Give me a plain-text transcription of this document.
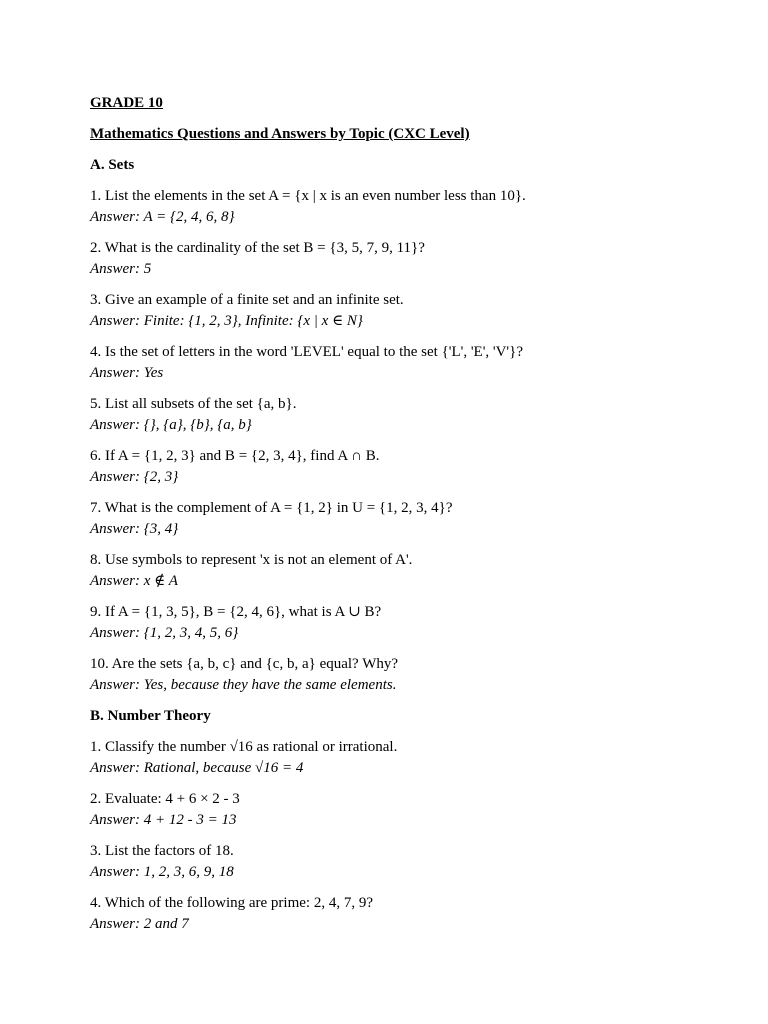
GRADE 10
Mathematics Questions and Answers by Topic (CXC Level)
A. Sets
1. List the elements in the set A = {x | x is an even number less than 10}.
Answer: A = {2, 4, 6, 8}
2. What is the cardinality of the set B = {3, 5, 7, 9, 11}?
Answer: 5
3. Give an example of a finite set and an infinite set.
Answer: Finite: {1, 2, 3}, Infinite: {x | x ∈ N}
4. Is the set of letters in the word 'LEVEL' equal to the set {'L', 'E', 'V'}?
Answer: Yes
5. List all subsets of the set {a, b}.
Answer: {}, {a}, {b}, {a, b}
6. If A = {1, 2, 3} and B = {2, 3, 4}, find A ∩ B.
Answer: {2, 3}
7. What is the complement of A = {1, 2} in U = {1, 2, 3, 4}?
Answer: {3, 4}
8. Use symbols to represent 'x is not an element of A'.
Answer: x ∉ A
9. If A = {1, 3, 5}, B = {2, 4, 6}, what is A ∪ B?
Answer: {1, 2, 3, 4, 5, 6}
10. Are the sets {a, b, c} and {c, b, a} equal? Why?
Answer: Yes, because they have the same elements.
B. Number Theory
1. Classify the number √16 as rational or irrational.
Answer: Rational, because √16 = 4
2. Evaluate: 4 + 6 × 2 - 3
Answer: 4 + 12 - 3 = 13
3. List the factors of 18.
Answer: 1, 2, 3, 6, 9, 18
4. Which of the following are prime: 2, 4, 7, 9?
Answer: 2 and 7
